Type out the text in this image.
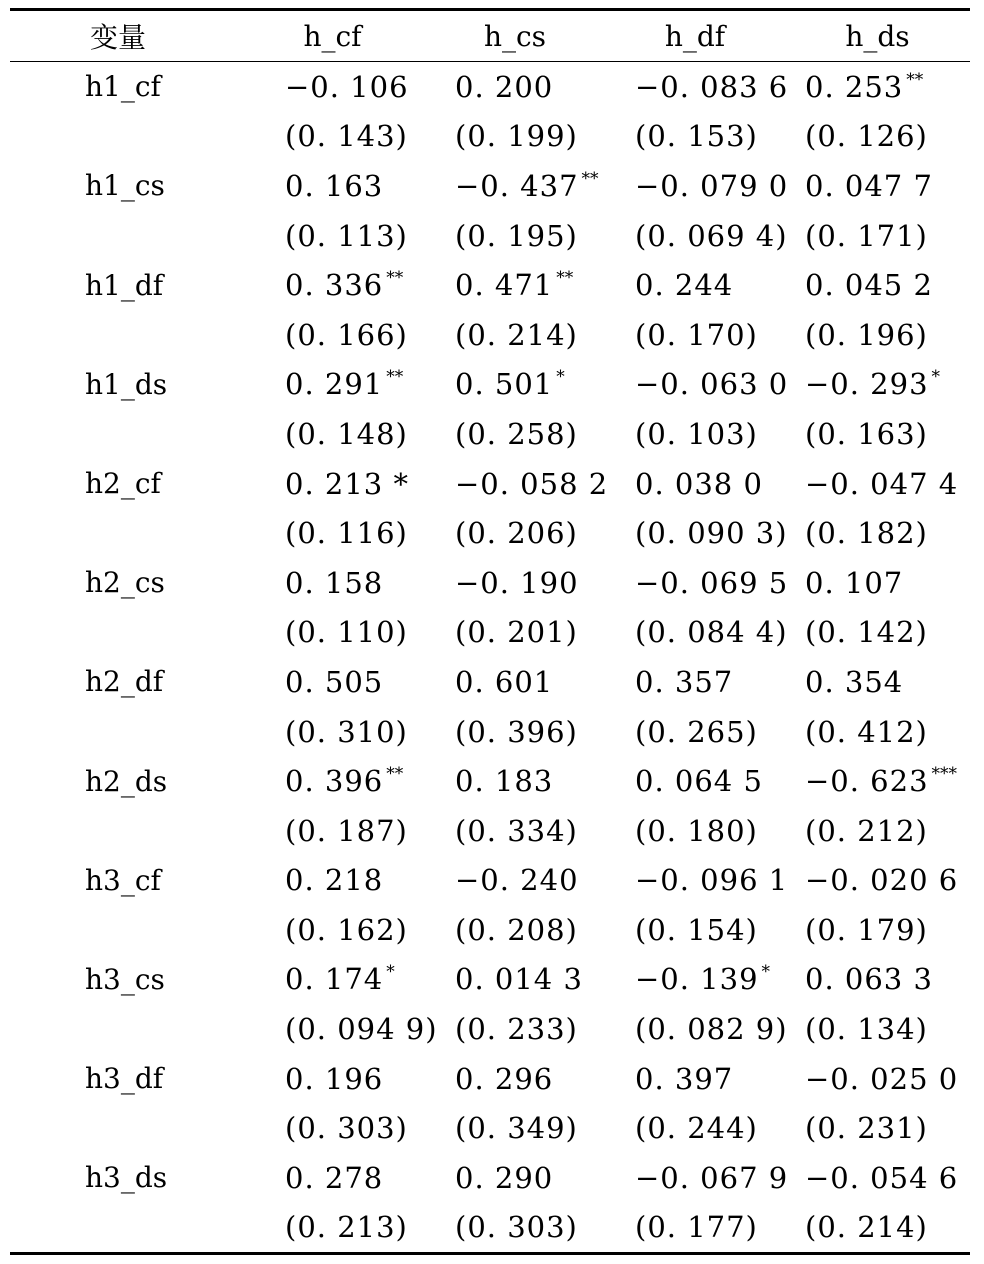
变量	h_cf	h_cs	h_df	h_ds
h1_cf	−0. 106	0. 200	−0. 083 6	0. 253 **
	(0. 143)	(0. 199)	(0. 153)	(0. 126)
h1_cs	0. 163	−0. 437 **	−0. 079 0	0. 047 7
	(0. 113)	(0. 195)	(0. 069 4)	(0. 171)
h1_df	0. 336 **	0. 471 **	0. 244	0. 045 2
	(0. 166)	(0. 214)	(0. 170)	(0. 196)
h1_ds	0. 291 **	0. 501 *	−0. 063 0	−0. 293 *
	(0. 148)	(0. 258)	(0. 103)	(0. 163)
h2_cf	0. 213 *	−0. 058 2	0. 038 0	−0. 047 4
	(0. 116)	(0. 206)	(0. 090 3)	(0. 182)
h2_cs	0. 158	−0. 190	−0. 069 5	0. 107
	(0. 110)	(0. 201)	(0. 084 4)	(0. 142)
h2_df	0. 505	0. 601	0. 357	0. 354
	(0. 310)	(0. 396)	(0. 265)	(0. 412)
h2_ds	0. 396 **	0. 183	0. 064 5	−0. 623 ***
	(0. 187)	(0. 334)	(0. 180)	(0. 212)
h3_cf	0. 218	−0. 240	−0. 096 1	−0. 020 6
	(0. 162)	(0. 208)	(0. 154)	(0. 179)
h3_cs	0. 174 *	0. 014 3	−0. 139 *	0. 063 3
	(0. 094 9)	(0. 233)	(0. 082 9)	(0. 134)
h3_df	0. 196	0. 296	0. 397	−0. 025 0
	(0. 303)	(0. 349)	(0. 244)	(0. 231)
h3_ds	0. 278	0. 290	−0. 067 9	−0. 054 6
	(0. 213)	(0. 303)	(0. 177)	(0. 214)
